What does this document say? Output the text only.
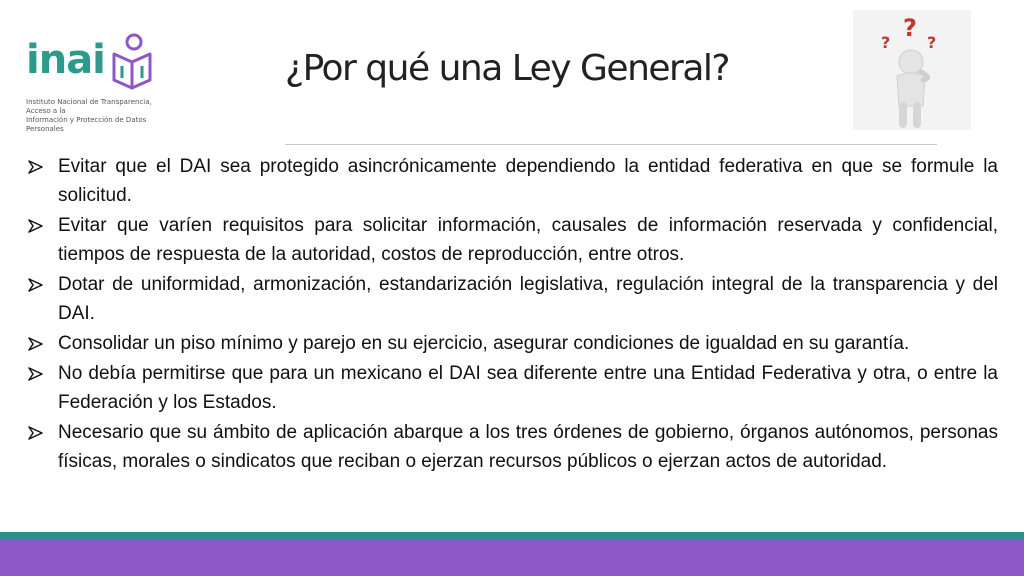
inai
Instituto Nacional de Transparencia, Acceso a la
Información y Protección de Datos Personales
¿Por qué una Ley General?
?
?
?
Evitar que el DAI sea protegido asincrónicamente dependiendo la entidad federativa en que se formule la solicitud.
Evitar que varíen requisitos para solicitar información, causales de información reservada y confidencial, tiempos de respuesta de la autoridad, costos de reproducción, entre otros.
Dotar de uniformidad, armonización, estandarización legislativa, regulación integral de la transparencia y del DAI.
Consolidar un piso mínimo y parejo en su ejercicio, asegurar condiciones de igualdad en su garantía.
No debía permitirse que para un mexicano el DAI sea diferente entre una Entidad Federativa y otra, o entre la Federación y los Estados.
Necesario que su ámbito de aplicación abarque a los tres órdenes de gobierno, órganos autónomos, personas físicas, morales o sindicatos que reciban o ejerzan recursos públicos o ejerzan actos de autoridad.
